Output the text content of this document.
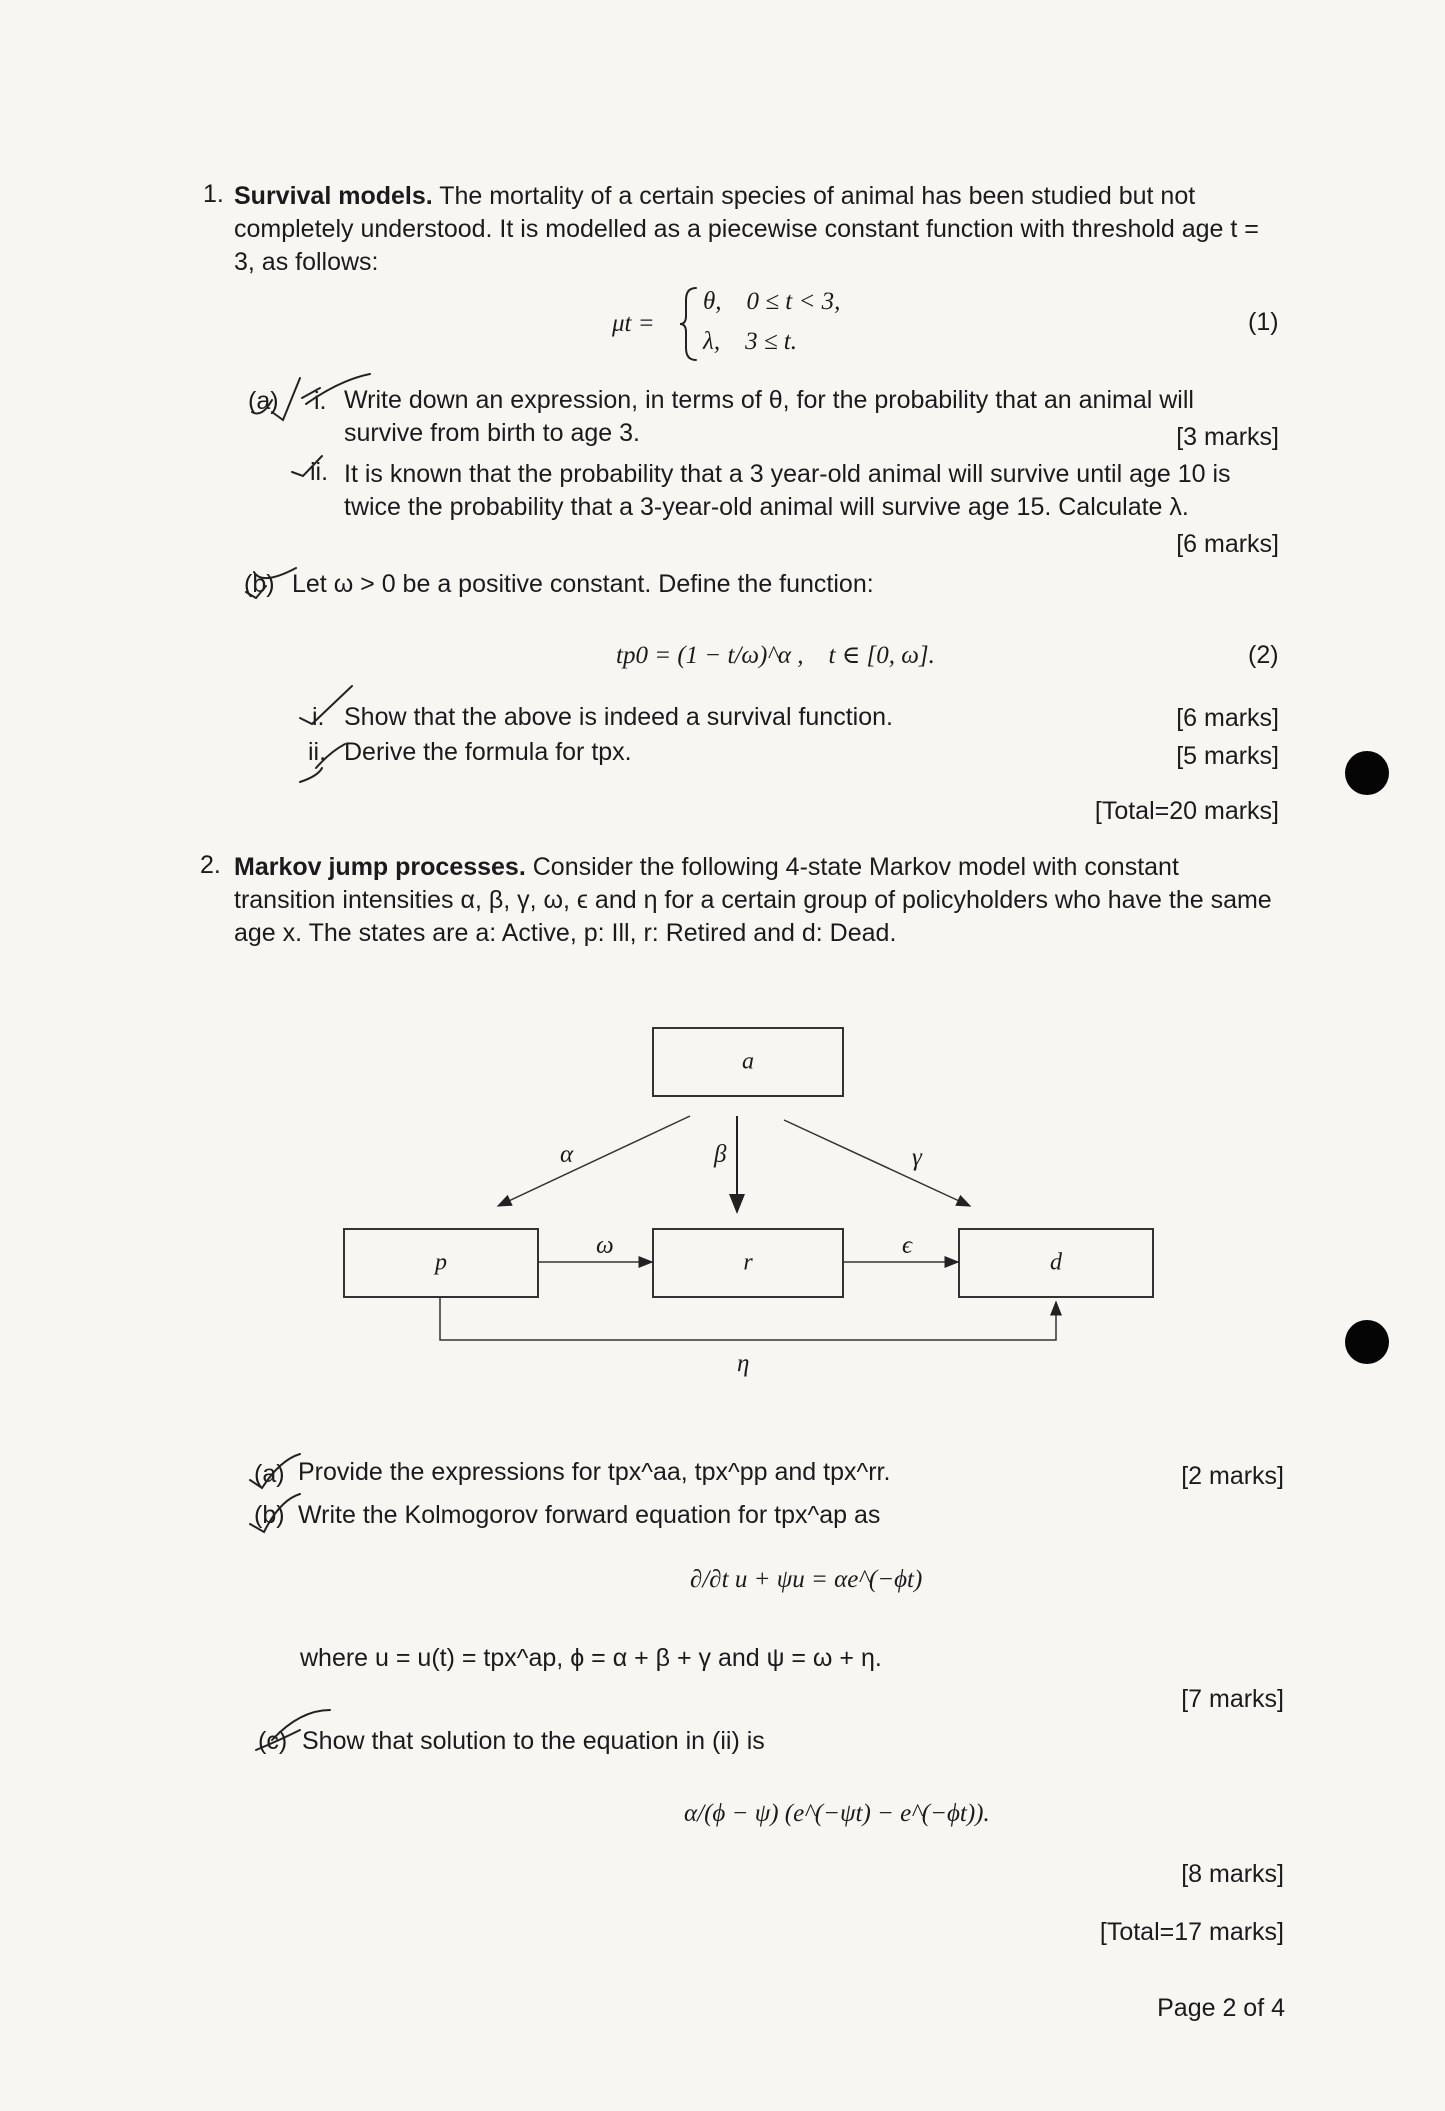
1. Survival models. The mortality of a certain species of animal has been studied but not completely understood. It is modelled as a piecewise constant function with threshold age t = 3, as follows:
μt =
θ,    0 ≤ t < 3,
λ,    3 ≤ t.
(1)
(a) i. Write down an expression, in terms of θ, for the probability that an animal will survive from birth to age 3.	[3 marks]
ii. It is known that the probability that a 3 year-old animal will survive until age 10 is twice the probability that a 3-year-old animal will survive age 15. Calculate λ.
[6 marks]
(b) Let ω > 0 be a positive constant. Define the function:
tp0 = (1 − t/ω)^α ,    t ∈ [0, ω].	(2)
i. Show that the above is indeed a survival function.	[6 marks]
ii. Derive the formula for tpx.	[5 marks]
[Total=20 marks]
2. Markov jump processes. Consider the following 4-state Markov model with constant transition intensities α, β, γ, ω, ϵ and η for a certain group of policyholders who have the same age x. The states are a: Active, p: Ill, r: Retired and d: Dead.
a
p	r	d
α	β	γ
ω	ϵ
η
(a) Provide the expressions for tpx^aa, tpx^pp and tpx^rr.	[2 marks]
(b) Write the Kolmogorov forward equation for tpx^ap as
∂/∂t u + ψu = αe^(−ϕt)
where u = u(t) = tpx^ap, ϕ = α + β + γ and ψ = ω + η.
[7 marks]
(c) Show that solution to the equation in (ii) is
α/(ϕ − ψ) (e^(−ψt) − e^(−ϕt)).
[8 marks]
[Total=17 marks]
Page 2 of 4
